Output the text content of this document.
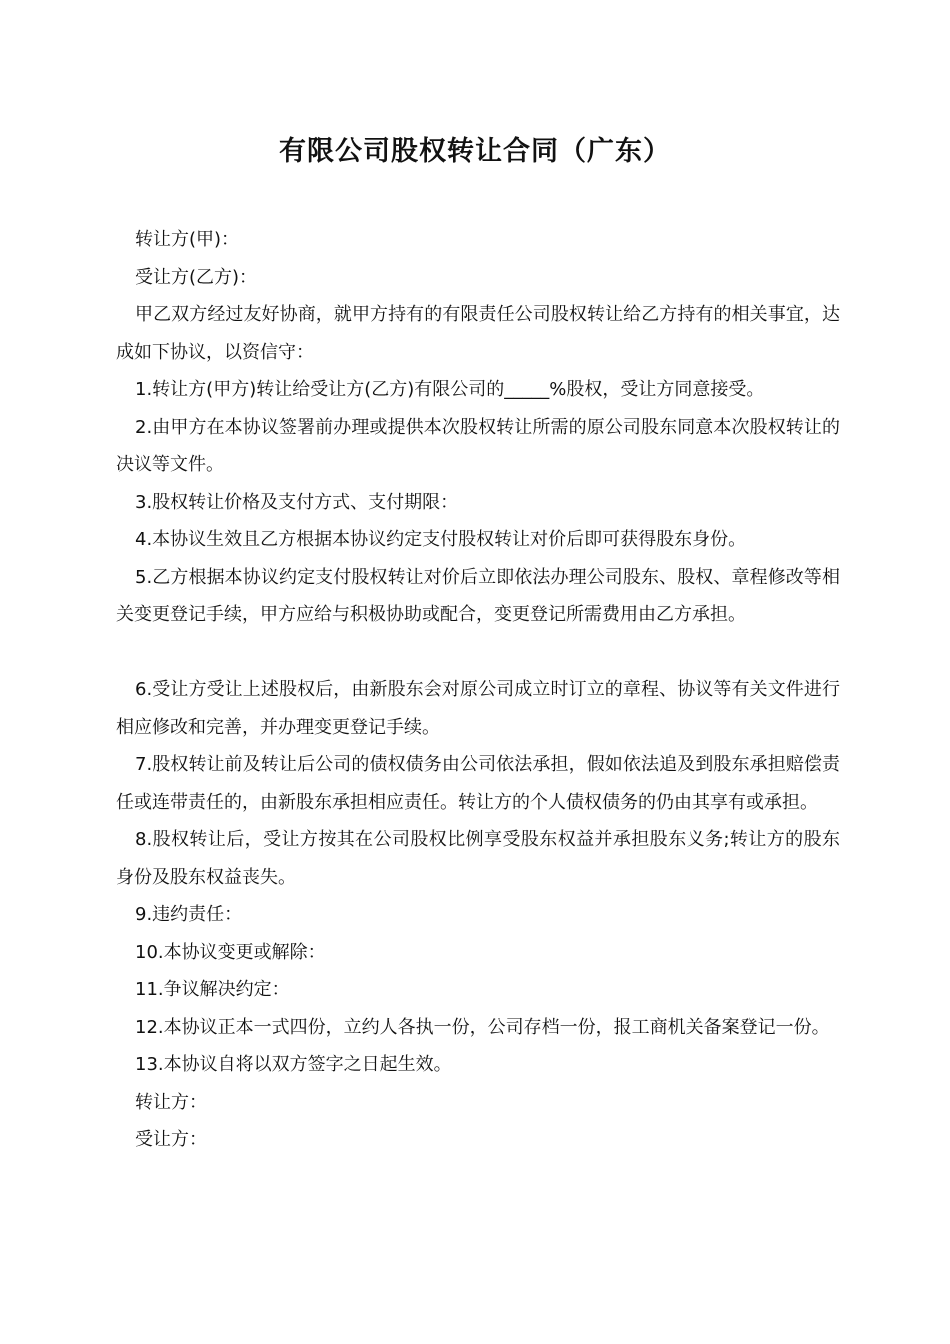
有限公司股权转让合同（广东）

转让方(甲)：

受让方(乙方)：

甲乙双方经过友好协商，就甲方持有的有限责任公司股权转让给乙方持有的相关事宜，达成如下协议，以资信守：

1.转让方(甲方)转让给受让方(乙方)有限公司的_____%股权，受让方同意接受。

2.由甲方在本协议签署前办理或提供本次股权转让所需的原公司股东同意本次股权转让的决议等文件。

3.股权转让价格及支付方式、支付期限：

4.本协议生效且乙方根据本协议约定支付股权转让对价后即可获得股东身份。

5.乙方根据本协议约定支付股权转让对价后立即依法办理公司股东、股权、章程修改等相关变更登记手续，甲方应给与积极协助或配合，变更登记所需费用由乙方承担。

6.受让方受让上述股权后，由新股东会对原公司成立时订立的章程、协议等有关文件进行相应修改和完善，并办理变更登记手续。

7.股权转让前及转让后公司的债权债务由公司依法承担，假如依法追及到股东承担赔偿责任或连带责任的，由新股东承担相应责任。转让方的个人债权债务的仍由其享有或承担。

8.股权转让后，受让方按其在公司股权比例享受股东权益并承担股东义务;转让方的股东身份及股东权益丧失。

9.违约责任：

10.本协议变更或解除：

11.争议解决约定：

12.本协议正本一式四份，立约人各执一份，公司存档一份，报工商机关备案登记一份。

13.本协议自将以双方签字之日起生效。

转让方：

受让方：
